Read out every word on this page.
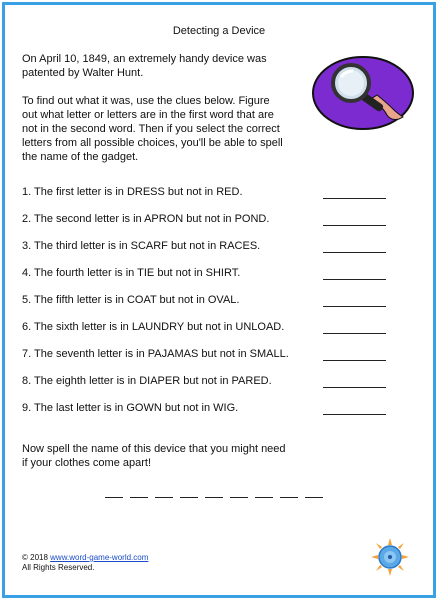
Detecting a Device
On April 10, 1849, an extremely handy device was
patented by Walter Hunt.
To find out what it was, use the clues below. Figure
out what letter or letters are in the first word that are
not in the second word. Then if you select the correct
letters from all possible choices, you'll be able to spell
the name of the gadget.
1. The first letter is in DRESS but not in RED.
2. The second letter is in APRON but not in POND.
3. The third letter is in SCARF but not in RACES.
4. The fourth letter is in TIE but not in SHIRT.
5. The fifth letter is in COAT but not in OVAL.
6. The sixth letter is in LAUNDRY but not in UNLOAD.
7. The seventh letter is in PAJAMAS but not in SMALL.
8. The eighth letter is in DIAPER but not in PARED.
9. The last letter is in GOWN but not in WIG.
Now spell the name of this device that you might need
if your clothes come apart!
© 2018 www.word-game-world.com
All Rights Reserved.
